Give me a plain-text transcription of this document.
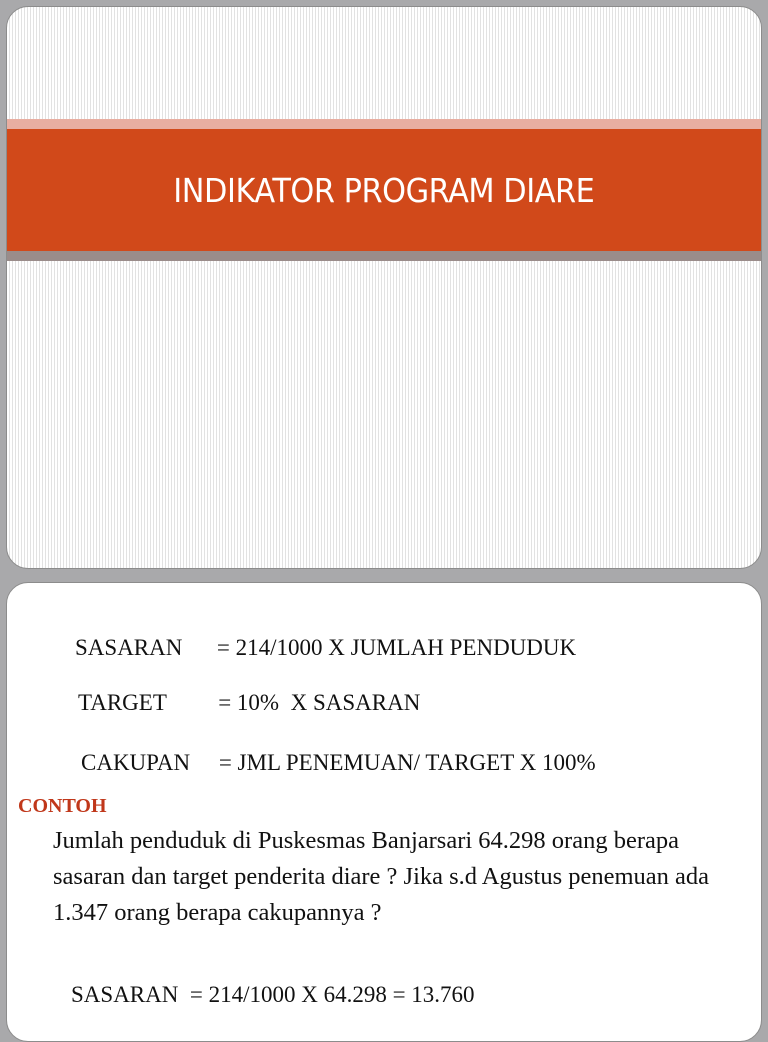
INDIKATOR PROGRAM DIARE
SASARAN      = 214/1000 X JUMLAH PENDUDUK
TARGET         = 10%  X SASARAN
CAKUPAN     = JML PENEMUAN/ TARGET X 100%
CONTOH
Jumlah penduduk di Puskesmas Banjarsari 64.298 orang berapa sasaran dan target penderita diare ? Jika s.d Agustus penemuan ada 1.347 orang berapa cakupannya ?
SASARAN  = 214/1000 X 64.298 = 13.760
